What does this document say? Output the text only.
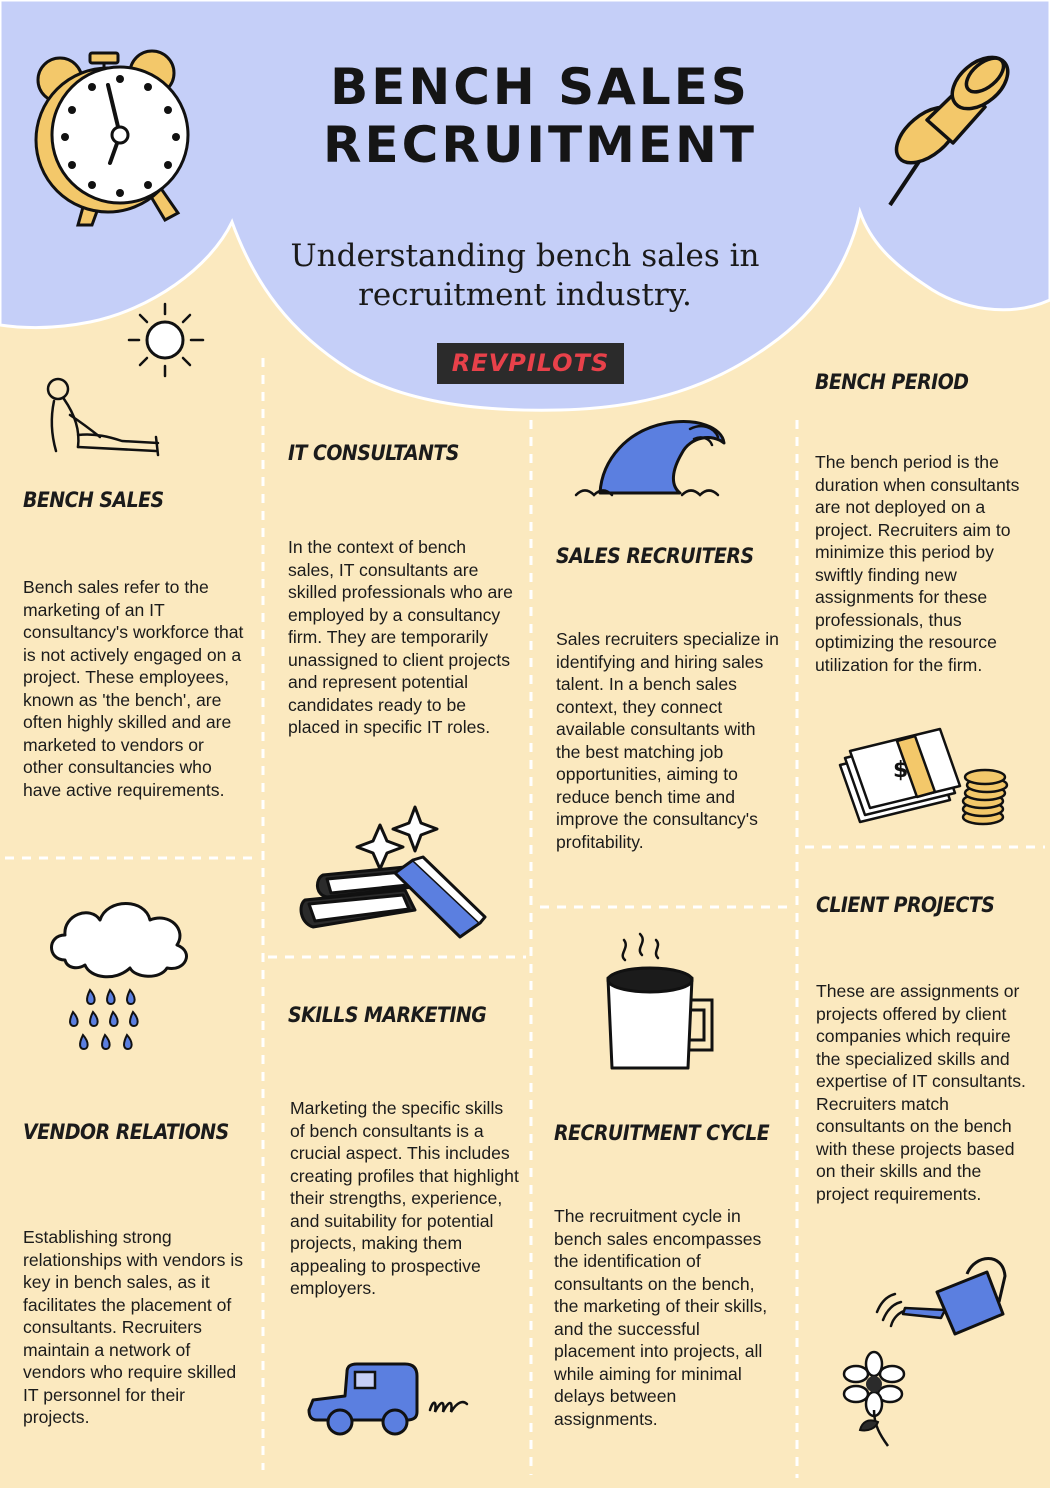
BENCH SALES
RECRUITMENT
Understanding bench sales in
recruitment industry.
REVPILOTS
$
BENCH SALES
Bench sales refer to the marketing of an IT consultancy's workforce that is not actively engaged on a project. These employees, known as 'the bench', are often highly skilled and are marketed to vendors or other consultancies who have active requirements.
IT CONSULTANTS
In the context of bench sales, IT consultants are skilled professionals who are employed by a consultancy firm. They are temporarily unassigned to client projects and represent potential candidates ready to be placed in specific IT roles.
SALES RECRUITERS
Sales recruiters specialize in identifying and hiring sales talent. In a bench sales context, they connect available consultants with the best matching job opportunities, aiming to reduce bench time and improve the consultancy's profitability.
BENCH PERIOD
The bench period is the duration when consultants are not deployed on a project. Recruiters aim to minimize this period by swiftly finding new assignments for these professionals, thus optimizing the resource utilization for the firm.
VENDOR RELATIONS
Establishing strong relationships with vendors is key in bench sales, as it facilitates the placement of consultants. Recruiters maintain a network of vendors who require skilled IT personnel for their projects.
SKILLS MARKETING
Marketing the specific skills of bench consultants is a crucial aspect. This includes creating profiles that highlight their strengths, experience, and suitability for potential projects, making them appealing to prospective employers.
RECRUITMENT CYCLE
The recruitment cycle in bench sales encompasses the identification of consultants on the bench, the marketing of their skills, and the successful placement into projects, all while aiming for minimal delays between assignments.
CLIENT PROJECTS
These are assignments or projects offered by client companies which require the specialized skills and expertise of IT consultants. Recruiters match consultants on the bench with these projects based on their skills and the project requirements.
